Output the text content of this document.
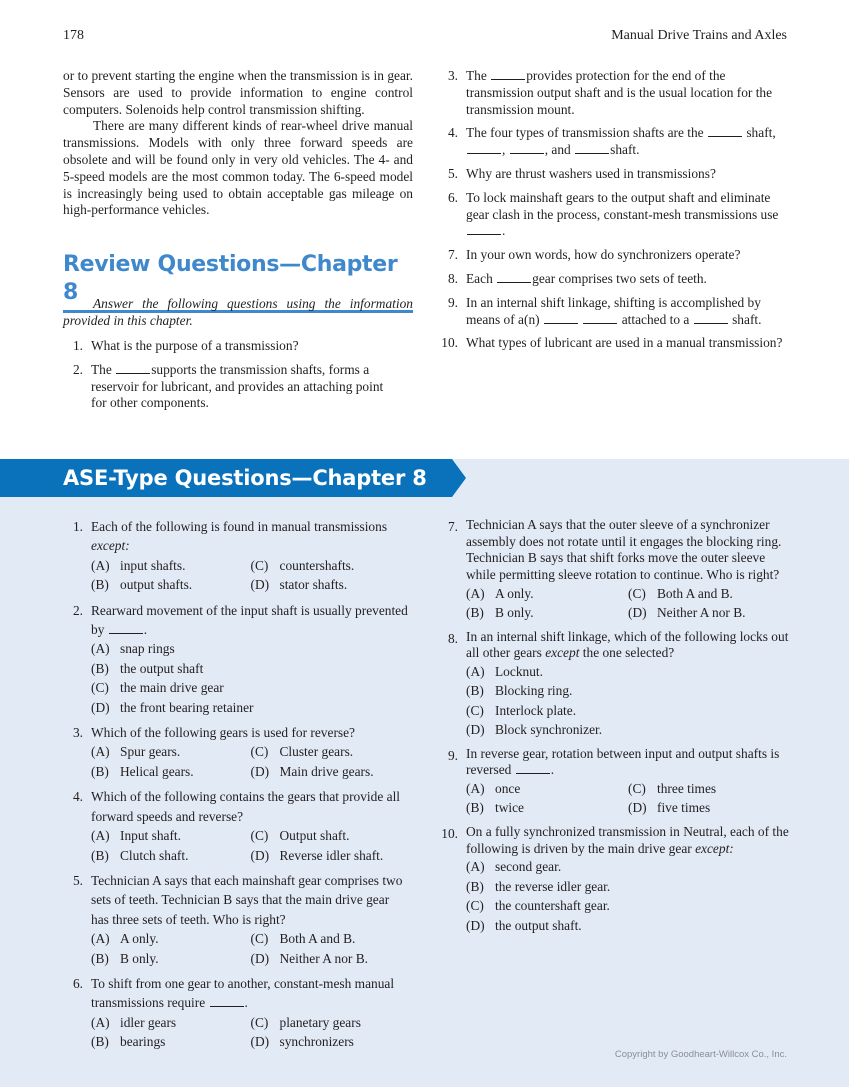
178	Manual Drive Trains and Axles

or to prevent starting the engine when the transmission is in gear. Sensors are used to provide information to engine control computers. Solenoids help control transmission shifting.

There are many different kinds of rear-wheel drive manual transmissions. Models with only three forward speeds are obsolete and will be found only in very old vehicles. The 4- and 5-speed models are the most common today. The 6-speed model is increasingly being used to obtain acceptable gas mileage on high-performance vehicles.

Review Questions—Chapter 8	Answer the following questions using the information provided in this chapter.
1. What is the purpose of a transmission?
2. The	supports the transmission shafts, forms a reservoir for lubricant, and provides an attaching point for other components.
3. The	provides protection for the end of the transmission output shaft and is the usual location for the transmission mount.
4. The four types of transmission shafts are the	shaft, ,	, and	shaft.
5. Why are thrust washers used in transmissions?
6. To lock mainshaft gears to the output shaft and eliminate gear clash in the process, constant-mesh transmissions use .
7. In your own words, how do synchronizers operate?
8. Each	gear comprises two sets of teeth.
9. In an internal shift linkage, shifting is accomplished by means of a(n)	attached to a	shaft.
10. What types of lubricant are used in a manual transmission?
ASE-Type Questions—Chapter 8
1. Each of the following is found in manual transmissions except:
(A) input shafts.	(C) countershafts.
(B) output shafts.	(D) stator shafts.
2. Rearward movement of the input shaft is usually prevented by	.
(A) snap rings
(B) the output shaft
(C) the main drive gear
(D) the front bearing retainer
3. Which of the following gears is used for reverse?
(A) Spur gears.	(C) Cluster gears.
(B) Helical gears.	(D) Main drive gears.
4. Which of the following contains the gears that provide all forward speeds and reverse?
(A) Input shaft.	(C) Output shaft.
(B) Clutch shaft.	(D) Reverse idler shaft.
5. Technician A says that each mainshaft gear comprises two sets of teeth. Technician B says that the main drive gear has three sets of teeth. Who is right?
(A) A only.	(C) Both A and B.
(B) B only.	(D) Neither A nor B.
6. To shift from one gear to another, constant-mesh manual transmissions require	.
(A) idler gears	(C) planetary gears
(B) bearings	(D) synchronizers
7. Technician A says that the outer sleeve of a synchronizer assembly does not rotate until it engages the blocking ring. Technician B says that shift forks move the outer sleeve while permitting sleeve rotation to continue. Who is right?
(A) A only.	(C) Both A and B.
(B) B only.	(D) Neither A nor B.
8. In an internal shift linkage, which of the following locks out all other gears except the one selected?
(A) Locknut.
(B) Blocking ring.
(C) Interlock plate.
(D) Block synchronizer.
9. In reverse gear, rotation between input and output shafts is reversed	.
(A) once	(C) three times
(B) twice	(D) five times
10. On a fully synchronized transmission in Neutral, each of the following is driven by the main drive gear except:
(A) second gear.
(B) the reverse idler gear.
(C) the countershaft gear.
(D) the output shaft.
Copyright by Goodheart-Willcox Co., Inc.
